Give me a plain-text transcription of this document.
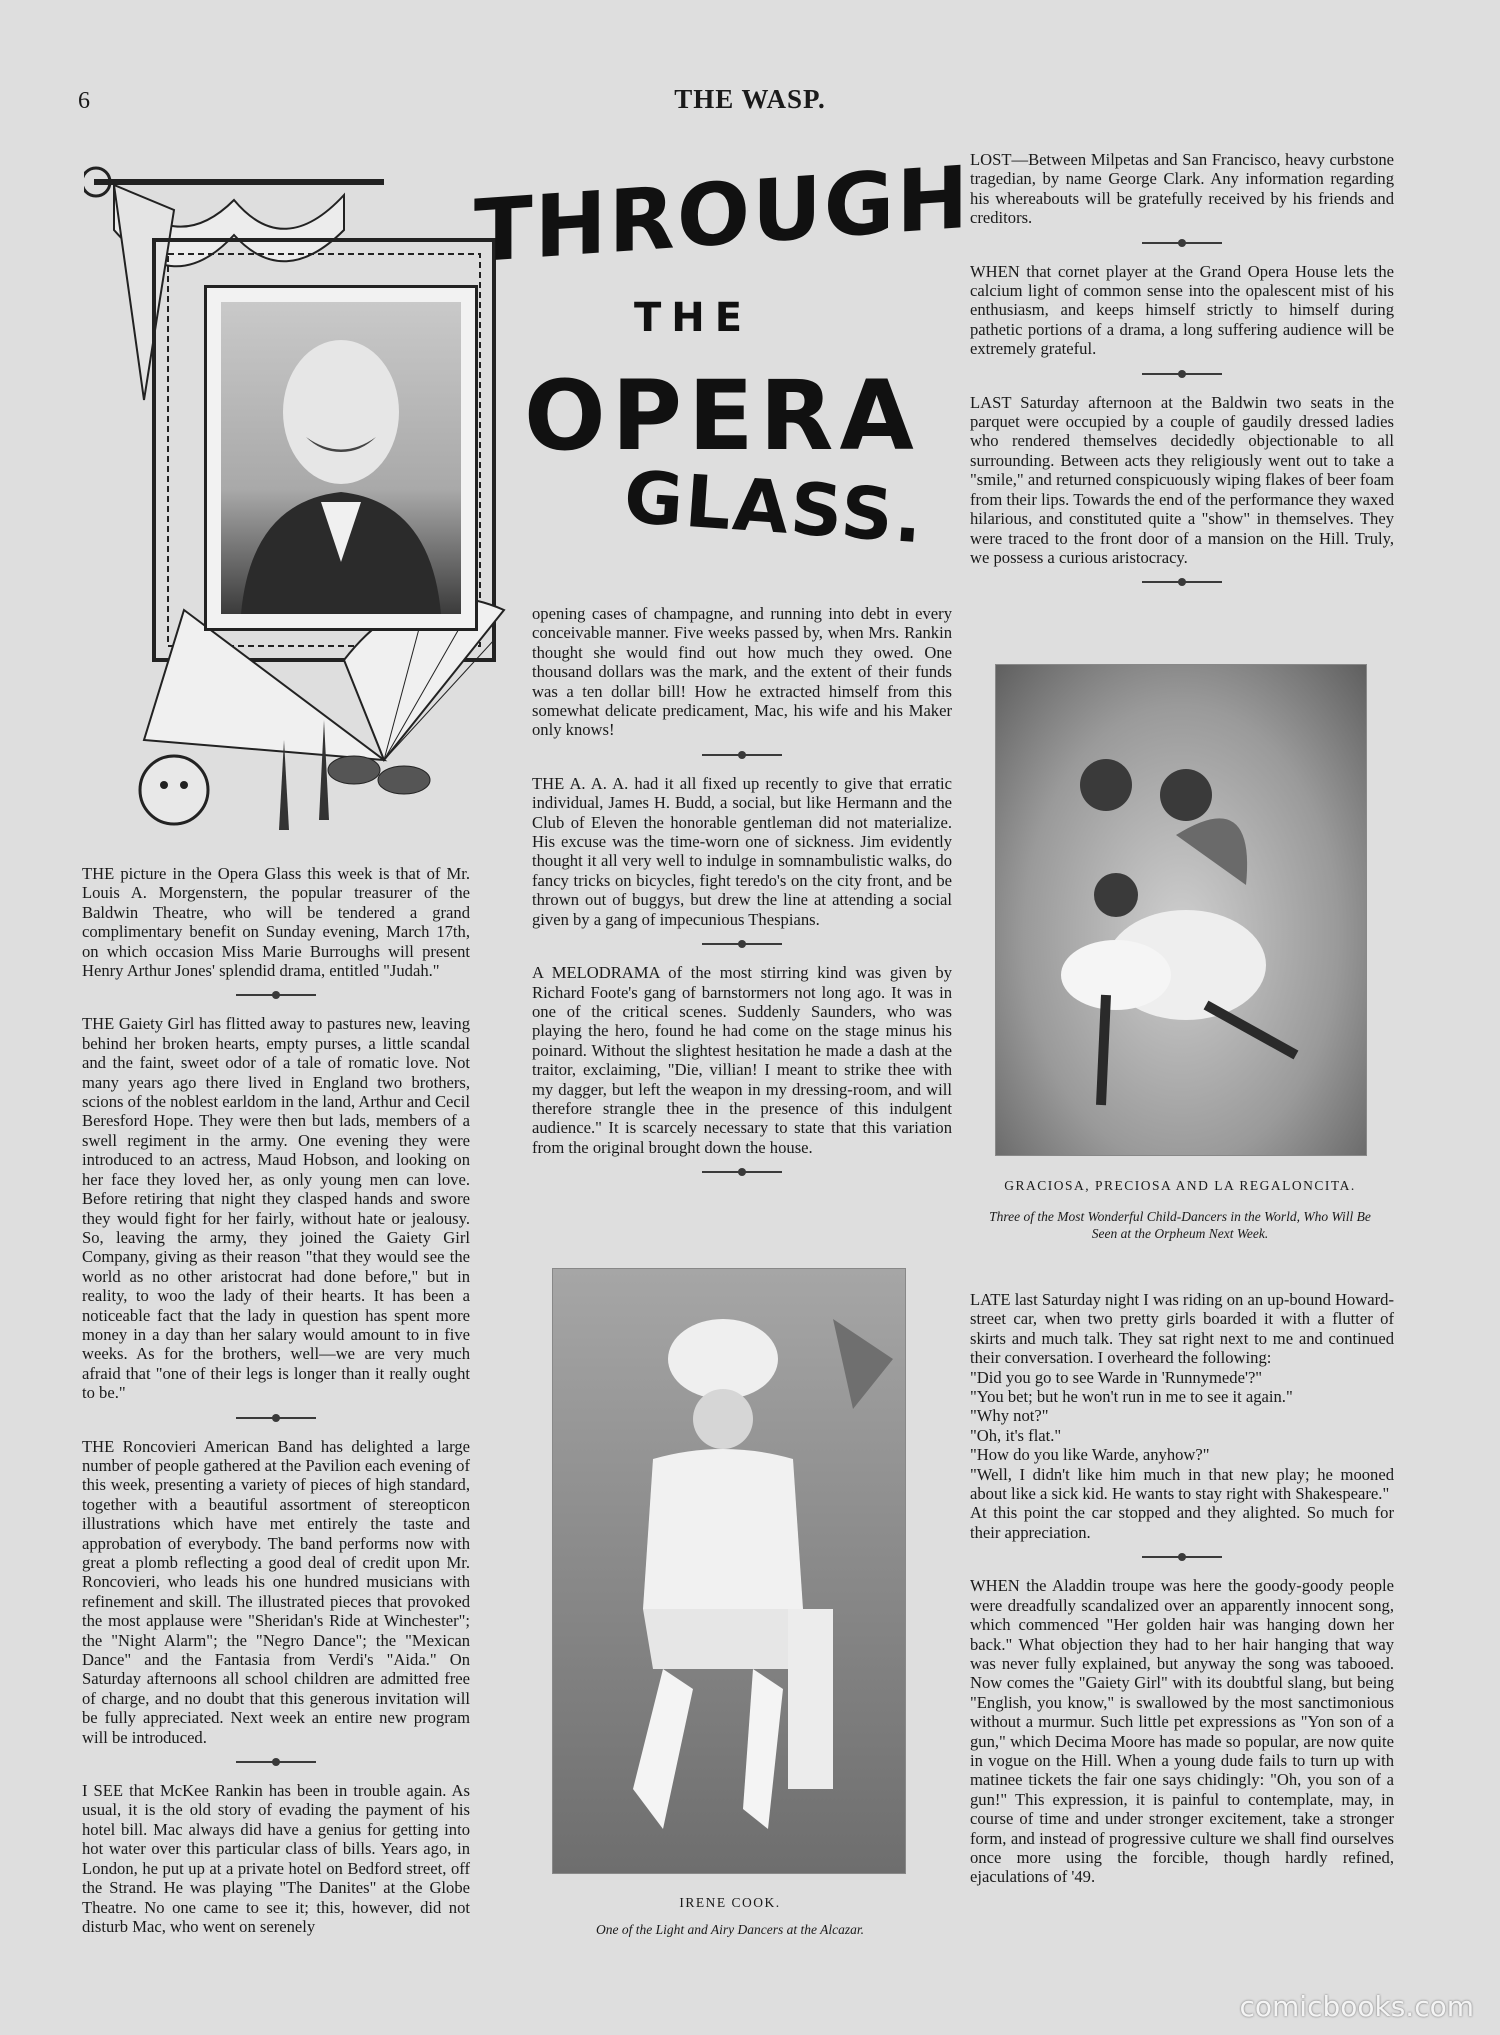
6	THE WASP.
THROUGH
THE
OPERA
GLASS.

THE picture in the Opera Glass this week is that of Mr. Louis A. Morgenstern, the popular treasurer of the Baldwin Theatre, who will be tendered a grand complimentary benefit on Sunday evening, March 17th, on which occasion Miss Marie Burroughs will present Henry Arthur Jones' splendid drama, entitled "Judah."

THE Gaiety Girl has flitted away to pastures new, leaving behind her broken hearts, empty purses, a little scandal and the faint, sweet odor of a tale of romatic love. Not many years ago there lived in England two brothers, scions of the noblest earldom in the land, Arthur and Cecil Beresford Hope. They were then but lads, members of a swell regiment in the army. One evening they were introduced to an actress, Maud Hobson, and looking on her face they loved her, as only young men can love. Before retiring that night they clasped hands and swore they would fight for her fairly, without hate or jealousy. So, leaving the army, they joined the Gaiety Girl Company, giving as their reason "that they would see the world as no other aristocrat had done before," but in reality, to woo the lady of their hearts. It has been a noticeable fact that the lady in question has spent more money in a day than her salary would amount to in five weeks. As for the brothers, well—we are very much afraid that "one of their legs is longer than it really ought to be."

THE Roncovieri American Band has delighted a large number of people gathered at the Pavilion each evening of this week, presenting a variety of pieces of high standard, together with a beautiful assortment of stereopticon illustrations which have met entirely the taste and approbation of everybody. The band performs now with great a plomb reflecting a good deal of credit upon Mr. Roncovieri, who leads his one hundred musicians with refinement and skill. The illustrated pieces that provoked the most applause were "Sheridan's Ride at Winchester"; the "Night Alarm"; the "Negro Dance"; the "Mexican Dance" and the Fantasia from Verdi's "Aida." On Saturday afternoons all school children are admitted free of charge, and no doubt that this generous invitation will be fully appreciated. Next week an entire new program will be introduced.

I SEE that McKee Rankin has been in trouble again. As usual, it is the old story of evading the payment of his hotel bill. Mac always did have a genius for getting into hot water over this particular class of bills. Years ago, in London, he put up at a private hotel on Bedford street, off the Strand. He was playing "The Danites" at the Globe Theatre. No one came to see it; this, however, did not disturb Mac, who went on serenely

opening cases of champagne, and running into debt in every conceivable manner. Five weeks passed by, when Mrs. Rankin thought she would find out how much they owed. One thousand dollars was the mark, and the extent of their funds was a ten dollar bill! How he extracted himself from this somewhat delicate predicament, Mac, his wife and his Maker only knows!

THE A. A. A. had it all fixed up recently to give that erratic individual, James H. Budd, a social, but like Hermann and the Club of Eleven the honorable gentleman did not materialize. His excuse was the time-worn one of sickness. Jim evidently thought it all very well to indulge in somnambulistic walks, do fancy tricks on bicycles, fight teredo's on the city front, and be thrown out of buggys, but drew the line at attending a social given by a gang of impecunious Thespians.

A MELODRAMA of the most stirring kind was given by Richard Foote's gang of barnstormers not long ago. It was in one of the critical scenes. Suddenly Saunders, who was playing the hero, found he had come on the stage minus his poinard. Without the slightest hesitation he made a dash at the traitor, exclaiming, "Die, villian! I meant to strike thee with my dagger, but left the weapon in my dressing-room, and will therefore strangle thee in the presence of this indulgent audience." It is scarcely necessary to state that this variation from the original brought down the house.

LOST—Between Milpetas and San Francisco, heavy curbstone tragedian, by name George Clark. Any information regarding his whereabouts will be gratefully received by his friends and creditors.

WHEN that cornet player at the Grand Opera House lets the calcium light of common sense into the opalescent mist of his enthusiasm, and keeps himself strictly to himself during pathetic portions of a drama, a long suffering audience will be extremely grateful.

LAST Saturday afternoon at the Baldwin two seats in the parquet were occupied by a couple of gaudily dressed ladies who rendered themselves decidedly objectionable to all surrounding. Between acts they religiously went out to take a "smile," and returned conspicuously wiping flakes of beer foam from their lips. Towards the end of the performance they waxed hilarious, and constituted quite a "show" in themselves. They were traced to the front door of a mansion on the Hill. Truly, we possess a curious aristocracy.

GRACIOSA, PRECIOSA AND LA REGALONCITA.
Three of the Most Wonderful Child-Dancers in the World, Who Will Be Seen at the Orpheum Next Week.

LATE last Saturday night I was riding on an up-bound Howard-street car, when two pretty girls boarded it with a flutter of skirts and much talk. They sat right next to me and continued their conversation. I overheard the following:

"Did you go to see Warde in 'Runnymede'?"

"You bet; but he won't run in me to see it again."

"Why not?"

"Oh, it's flat."

"How do you like Warde, anyhow?"

"Well, I didn't like him much in that new play; he mooned about like a sick kid. He wants to stay right with Shakespeare."

At this point the car stopped and they alighted. So much for their appreciation.

WHEN the Aladdin troupe was here the goody-goody people were dreadfully scandalized over an apparently innocent song, which commenced "Her golden hair was hanging down her back." What objection they had to her hair hanging that way was never fully explained, but anyway the song was tabooed. Now comes the "Gaiety Girl" with its doubtful slang, but being "English, you know," is swallowed by the most sanctimonious without a murmur. Such little pet expressions as "Yon son of a gun," which Decima Moore has made so popular, are now quite in vogue on the Hill. When a young dude fails to turn up with matinee tickets the fair one says chidingly: "Oh, you son of a gun!" This expression, it is painful to contemplate, may, in course of time and under stronger excitement, take a stronger form, and instead of progressive culture we shall find ourselves once more using the forcible, though hardly refined, ejaculations of '49.

IRENE COOK.
One of the Light and Airy Dancers at the Alcazar.
comicbooks.com
